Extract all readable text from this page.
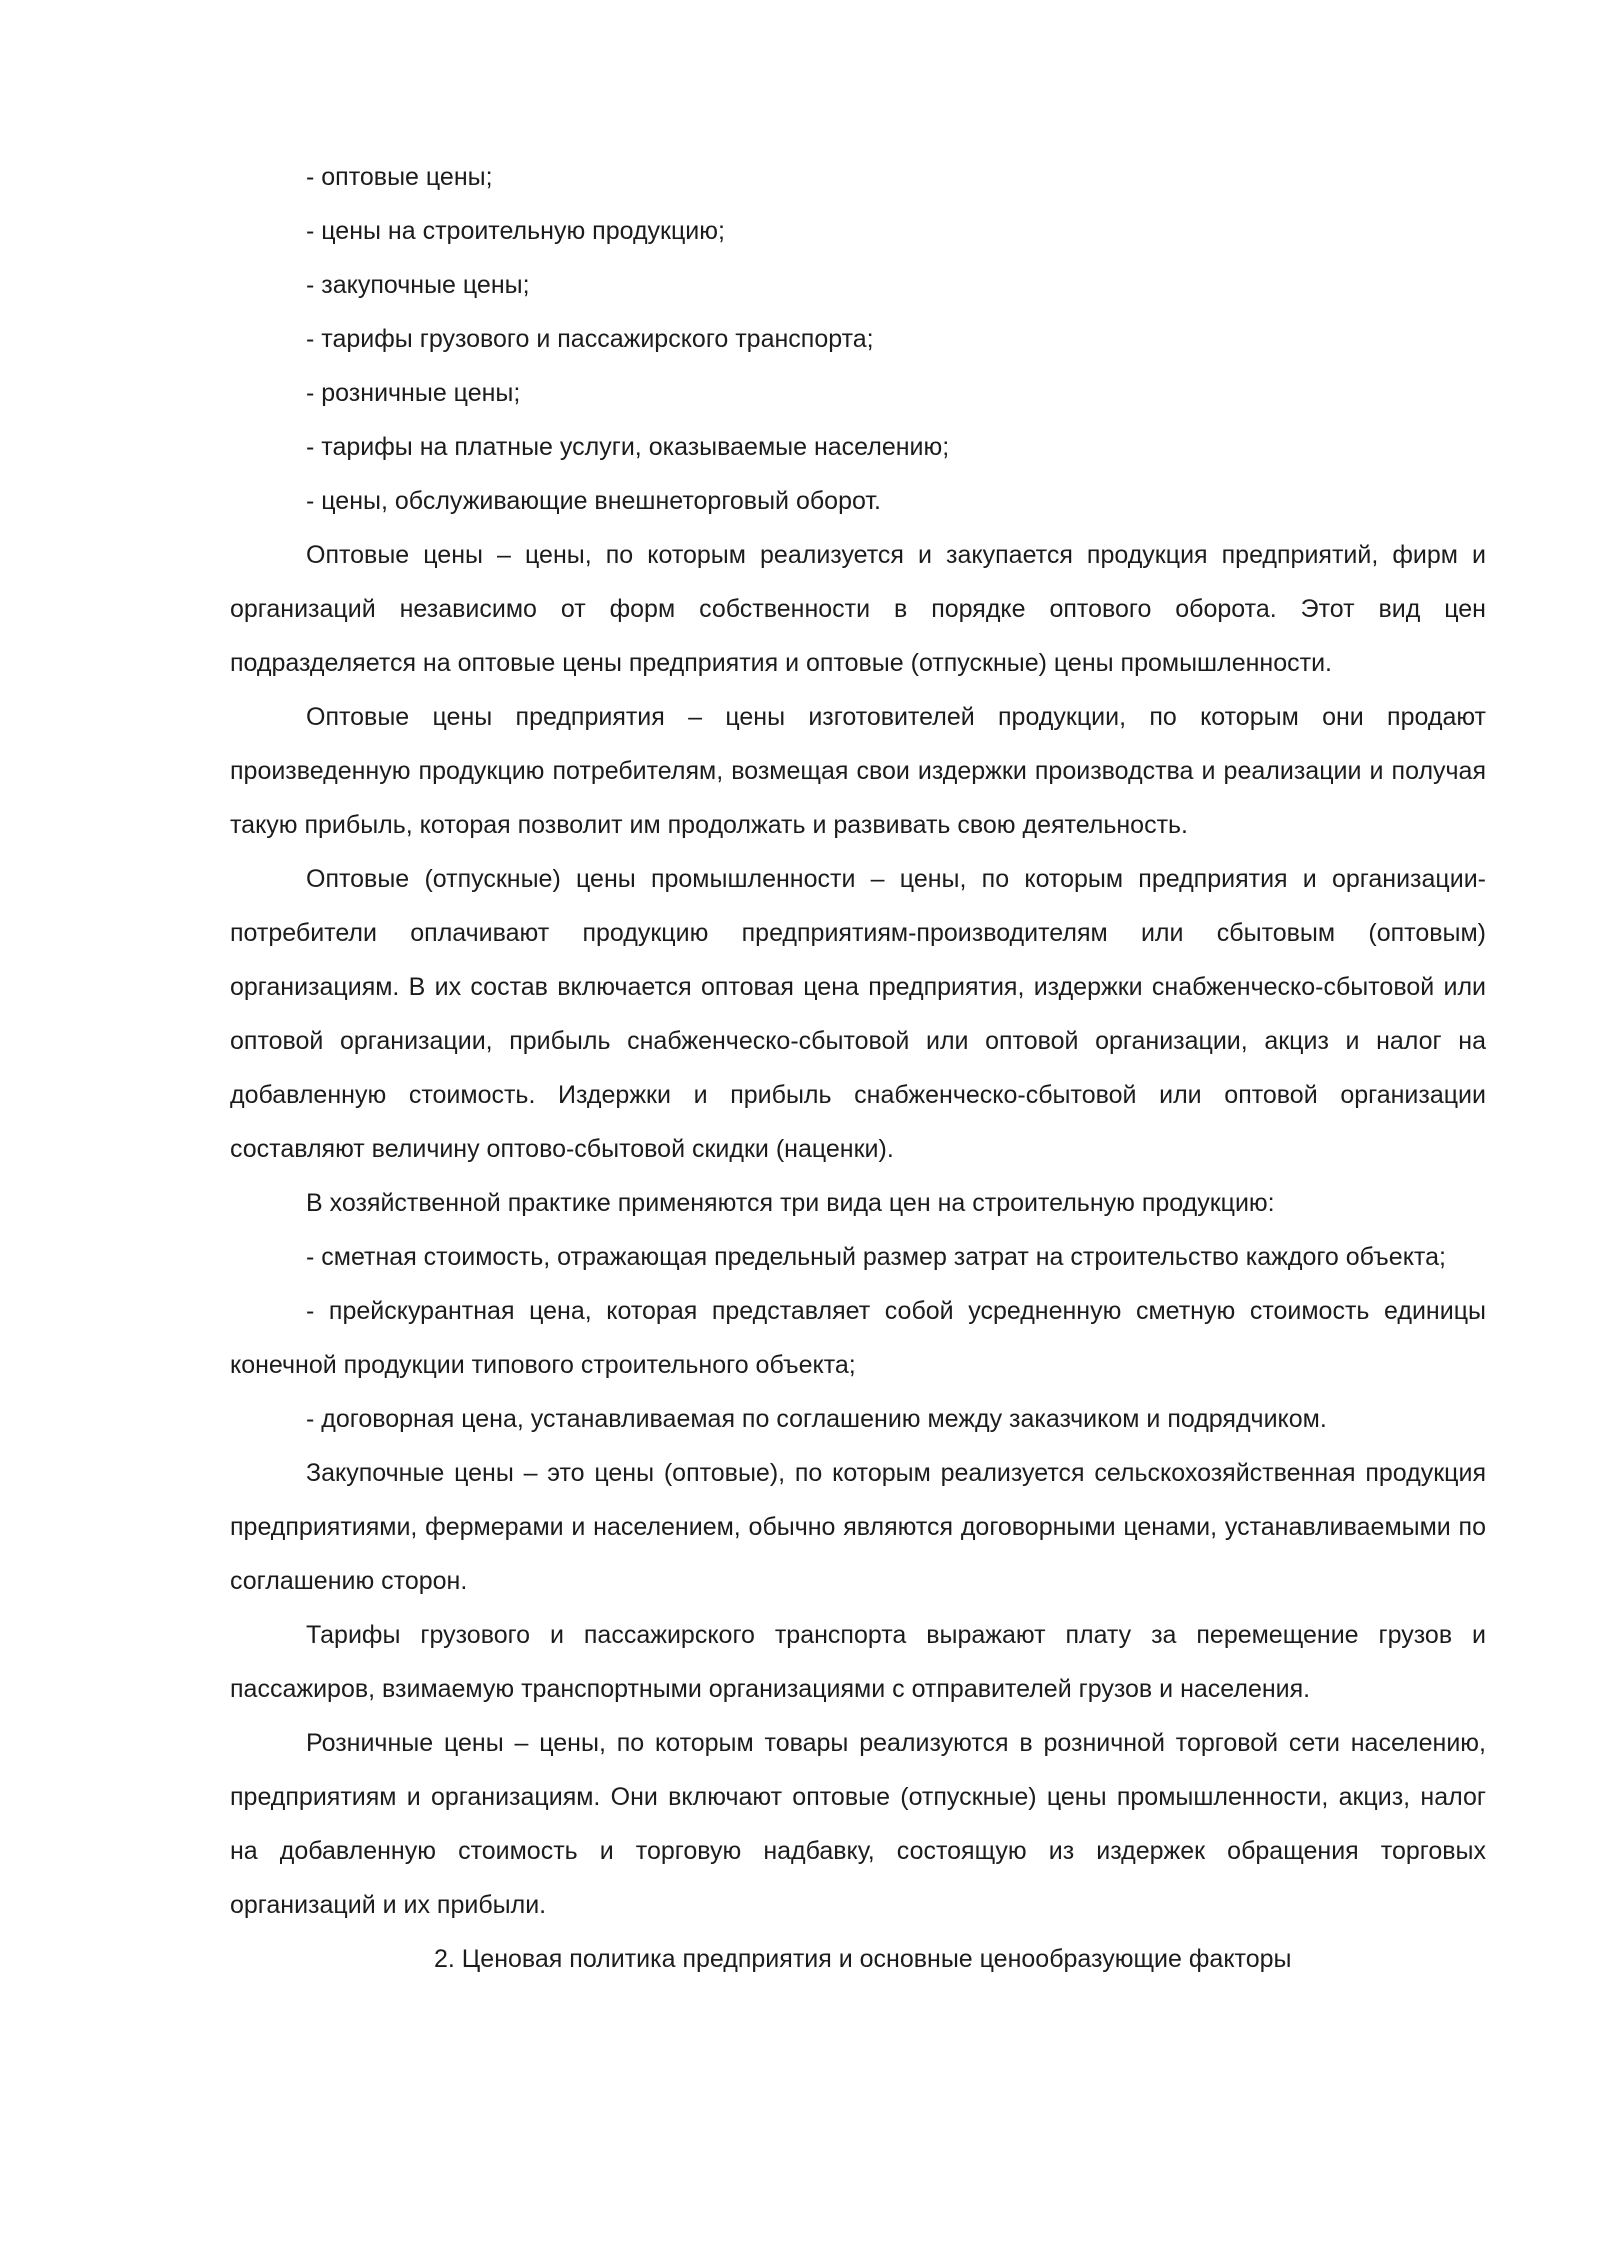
- оптовые цены;

- цены на строительную продукцию;

- закупочные цены;

- тарифы грузового и пассажирского транспорта;

- розничные цены;

- тарифы на платные услуги, оказываемые населению;

- цены, обслуживающие внешнеторговый оборот.

Оптовые цены – цены, по которым реализуется и закупается продукция предприятий, фирм и организаций независимо от форм собственности в порядке оптового оборота. Этот вид цен подразделяется на оптовые цены предприятия и оптовые (отпускные) цены промышленности.

Оптовые цены предприятия – цены изготовителей продукции, по которым они продают произведенную продукцию потребителям, возмещая свои издержки производства и реализации и получая такую прибыль, которая позволит им продолжать и развивать свою деятельность.

Оптовые (отпускные) цены промышленности – цены, по которым предприятия и организации-потребители оплачивают продукцию предприятиям-производителям или сбытовым (оптовым) организациям. В их состав включается оптовая цена предприятия, издержки снабженческо-сбытовой или оптовой организации, прибыль снабженческо-сбытовой или оптовой организации, акциз и налог на добавленную стоимость. Издержки и прибыль снабженческо-сбытовой или оптовой организации составляют величину оптово-сбытовой скидки (наценки).

В хозяйственной практике применяются три вида цен на строительную продукцию:

- сметная стоимость, отражающая предельный размер затрат на строительство каждого объекта;

- прейскурантная цена, которая представляет собой усредненную сметную стоимость единицы конечной продукции типового строительного объекта;

- договорная цена, устанавливаемая по соглашению между заказчиком и подрядчиком.

Закупочные цены – это цены (оптовые), по которым реализуется сельскохозяйственная продукция предприятиями, фермерами и населением, обычно являются договорными ценами, устанавливаемыми по соглашению сторон.

Тарифы грузового и пассажирского транспорта выражают плату за перемещение грузов и пассажиров, взимаемую транспортными организациями с отправителей грузов и населения.

Розничные цены – цены, по которым товары реализуются в розничной торговой сети населению, предприятиям и организациям. Они включают оптовые (отпускные) цены промышленности, акциз, налог на добавленную стоимость и торговую надбавку, состоящую из издержек обращения торговых организаций и их прибыли.

2. Ценовая политика предприятия и основные ценообразующие факторы
